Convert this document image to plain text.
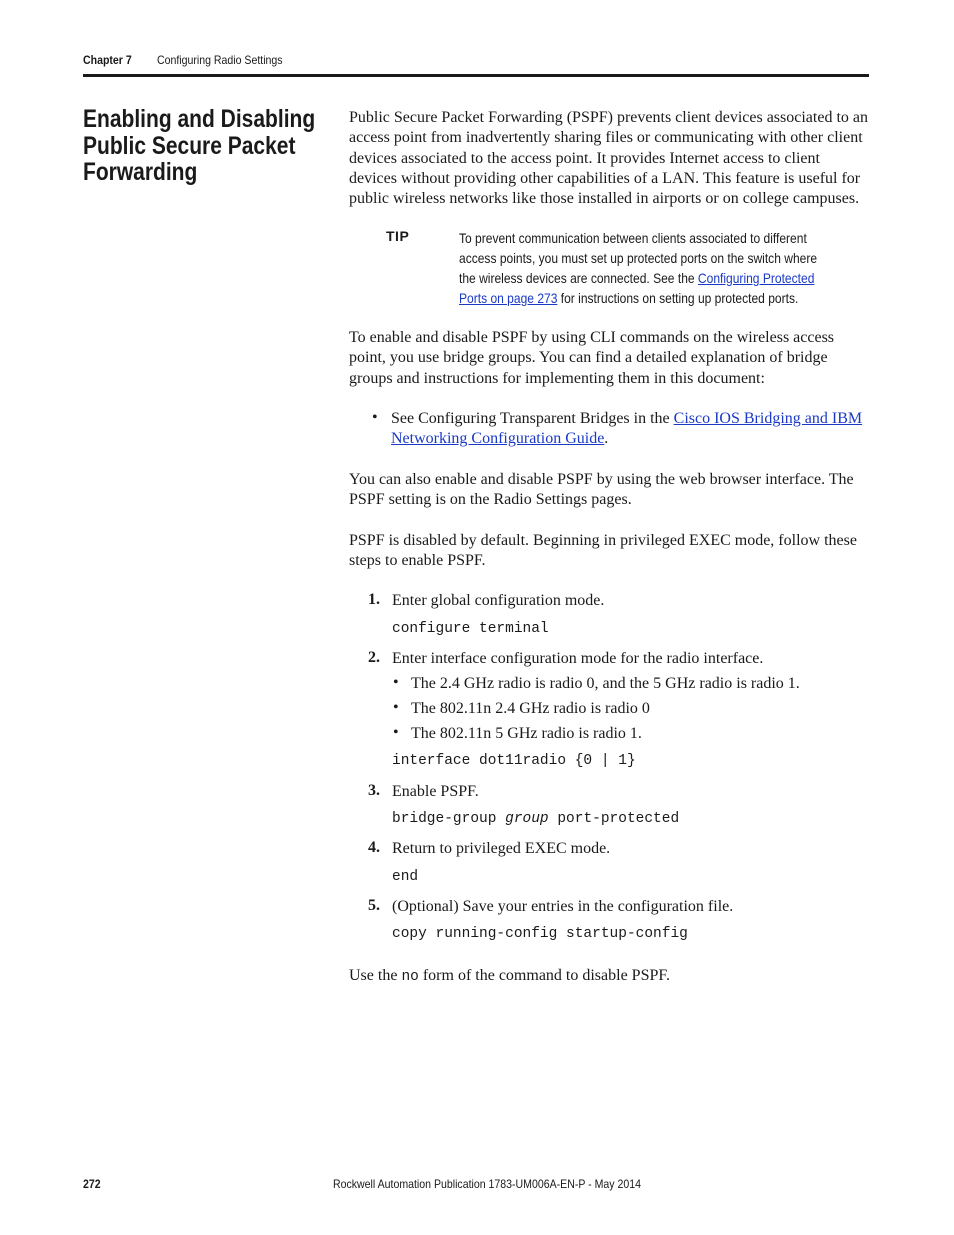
Chapter 7 Configuring Radio Settings
Enabling and Disabling Public Secure Packet Forwarding
Public Secure Packet Forwarding (PSPF) prevents client devices associated to an access point from inadvertently sharing files or communicating with other client devices associated to the access point. It provides Internet access to client devices without providing other capabilities of a LAN. This feature is useful for public wireless networks like those installed in airports or on college campuses.
TIP	To prevent communication between clients associated to different access points, you must set up protected ports on the switch where the wireless devices are connected. See the Configuring Protected Ports on page 273 for instructions on setting up protected ports.
To enable and disable PSPF by using CLI commands on the wireless access point, you use bridge groups. You can find a detailed explanation of bridge groups and instructions for implementing them in this document:
• See Configuring Transparent Bridges in the Cisco IOS Bridging and IBM Networking Configuration Guide.
You can also enable and disable PSPF by using the web browser interface. The PSPF setting is on the Radio Settings pages.
PSPF is disabled by default. Beginning in privileged EXEC mode, follow these steps to enable PSPF.
1. Enter global configuration mode.
configure terminal
2. Enter interface configuration mode for the radio interface.
• The 2.4 GHz radio is radio 0, and the 5 GHz radio is radio 1.
• The 802.11n 2.4 GHz radio is radio 0
• The 802.11n 5 GHz radio is radio 1.
interface dot11radio {0 | 1}
3. Enable PSPF.
bridge-group group port-protected
4. Return to privileged EXEC mode.
end
5. (Optional) Save your entries in the configuration file.
copy running-config startup-config
Use the no form of the command to disable PSPF.
272	Rockwell Automation Publication 1783-UM006A-EN-P - May 2014
